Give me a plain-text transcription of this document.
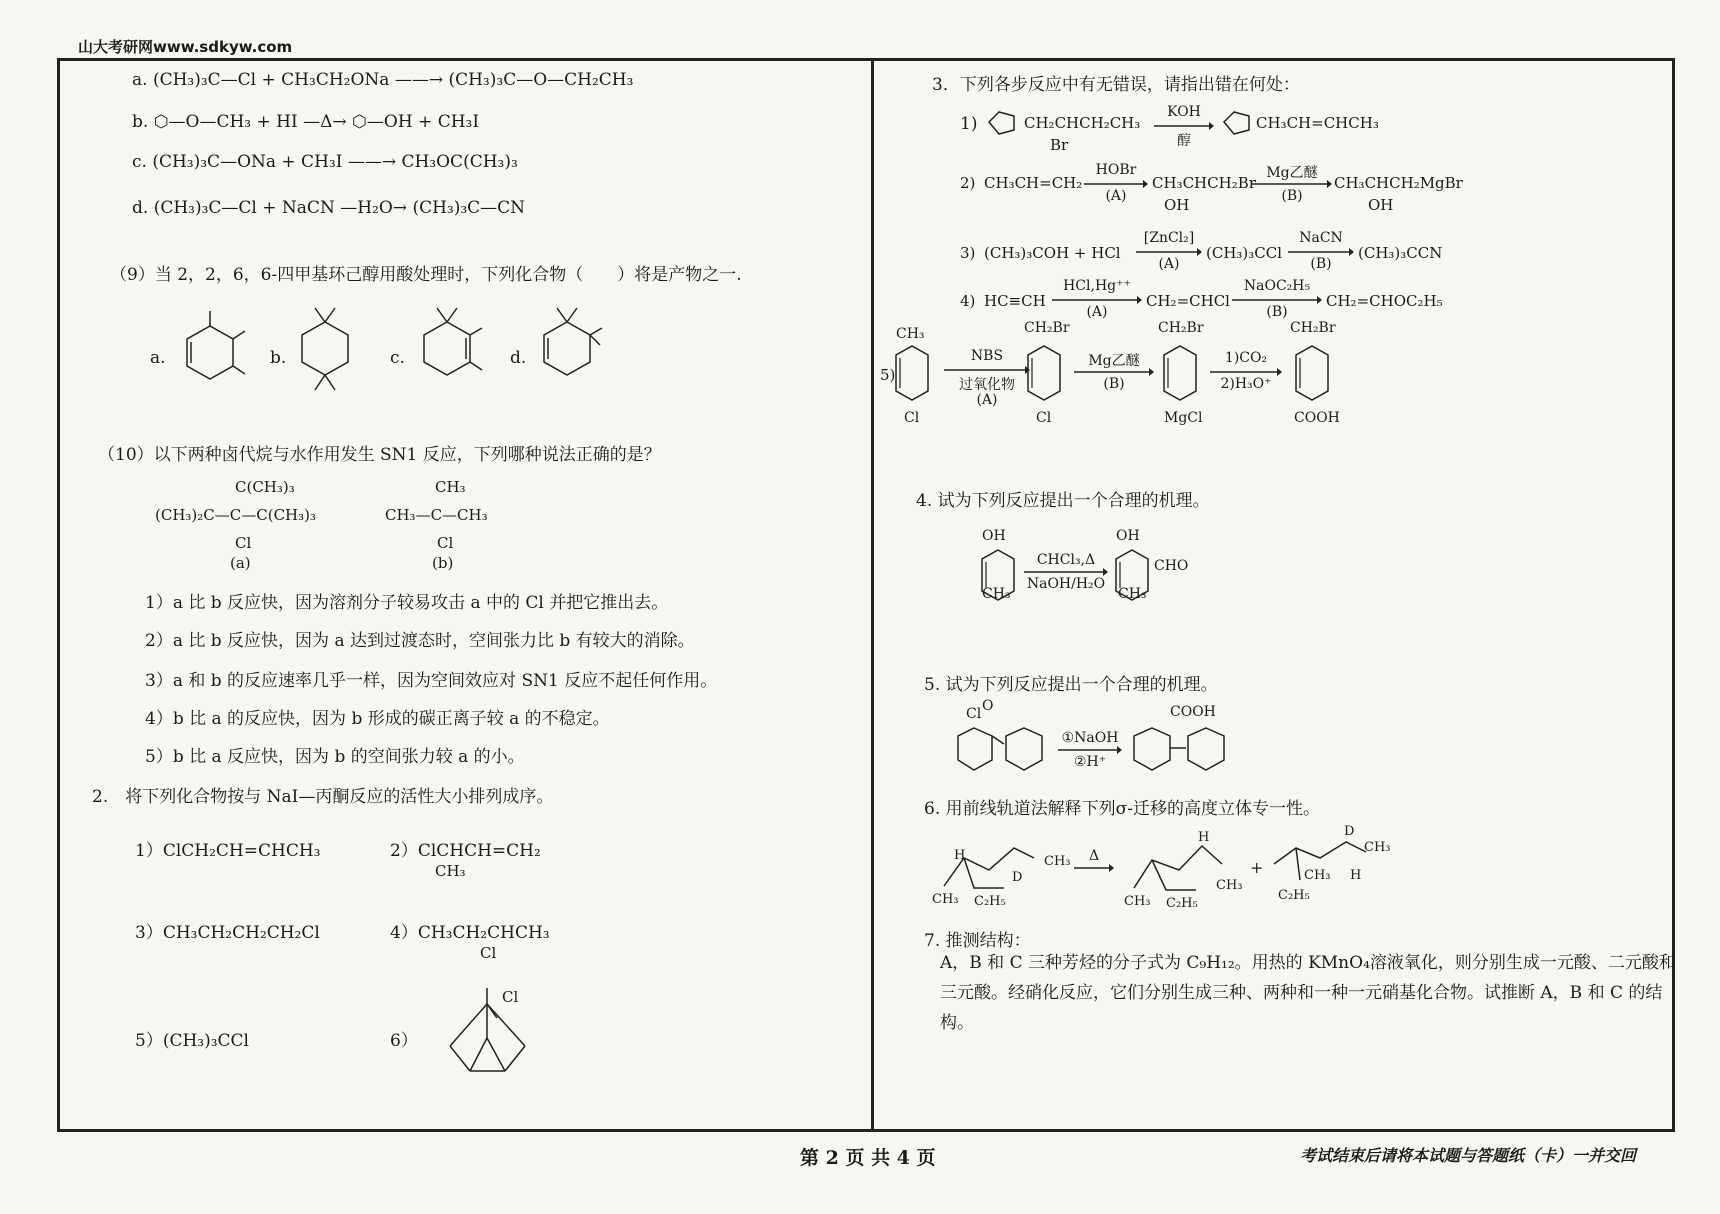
山大考研网www.sdkyw.com
a. (CH₃)₃C—Cl + CH₃CH₂ONa ——→ (CH₃)₃C—O—CH₂CH₃
b. ⬡—O—CH₃ + HI —Δ→ ⬡—OH + CH₃I
c. (CH₃)₃C—ONa + CH₃I ——→ CH₃OC(CH₃)₃
d. (CH₃)₃C—Cl + NaCN —H₂O→ (CH₃)₃C—CN
（9）当 2，2，6，6-四甲基环己醇用酸处理时，下列化合物（　　）将是产物之一.
a.	b.	c.	d.
（10）以下两种卤代烷与水作用发生 SN1 反应，下列哪种说法正确的是？
C(CH₃)₃
(CH₃)₂C—C—C(CH₃)₃
Cl
(a)
CH₃
CH₃—C—CH₃
Cl
(b)
1）a 比 b 反应快，因为溶剂分子较易攻击 a 中的 Cl 并把它推出去。
2）a 比 b 反应快，因为 a 达到过渡态时，空间张力比 b 有较大的消除。
3）a 和 b 的反应速率几乎一样，因为空间效应对 SN1 反应不起任何作用。
4）b 比 a 的反应快，因为 b 形成的碳正离子较 a 的不稳定。
5）b 比 a 反应快，因为 b 的空间张力较 a 的小。
2.　将下列化合物按与 NaI—丙酮反应的活性大小排列成序。
1）ClCH₂CH=CHCH₃	2）ClCHCH=CH₂
CH₃
3）CH₃CH₂CH₂CH₂Cl	4）CH₃CH₂CHCH₃
Cl
5）(CH₃)₃CCl	6）
Cl
3．下列各步反应中有无错误，请指出错在何处：
1)	CH₂CHCH₂CH₃
Br
KOH
醇
CH₃CH=CHCH₃
2) CH₃CH=CH₂
HOBr
(A)
CH₃CHCH₂Br
OH
Mg乙醚
(B)
CH₃CHCH₂MgBr
OH
3) (CH₃)₃COH + HCl
[ZnCl₂]
(A)
(CH₃)₃CCl
NaCN
(B)
(CH₃)₃CCN
4) HC≡CH
HCl,Hg⁺⁺
(A)
CH₂=CHCl
NaOC₂H₅
(B)
CH₂=CHOC₂H₅
5)
CH₃
Cl
NBS
过氧化物
(A)
CH₂Br
Cl
Mg乙醚
(B)
CH₂Br
MgCl
1)CO₂
2)H₃O⁺
CH₂Br
COOH
4. 试为下列反应提出一个合理的机理。
OH
CH₃
CHCl₃,Δ
NaOH/H₂O
OH
CHO
CH₃
5. 试为下列反应提出一个合理的机理。
Cl O
①NaOH
②H⁺
COOH
6. 用前线轨道法解释下列σ-迁移的高度立体专一性。
H
D
CH₃
CH₃ C₂H₅
Δ
H
CH₃
CH₃ C₂H₅
+
D
CH₃
CH₃ H
C₂H₅
7. 推测结构：
A，B 和 C 三种芳烃的分子式为 C₉H₁₂。用热的 KMnO₄溶液氧化，则分别生成一元酸、二元酸和三元酸。经硝化反应，它们分别生成三种、两种和一种一元硝基化合物。试推断 A，B 和 C 的结构。
第 2 页 共 4 页	考试结束后请将本试题与答题纸（卡）一并交回
